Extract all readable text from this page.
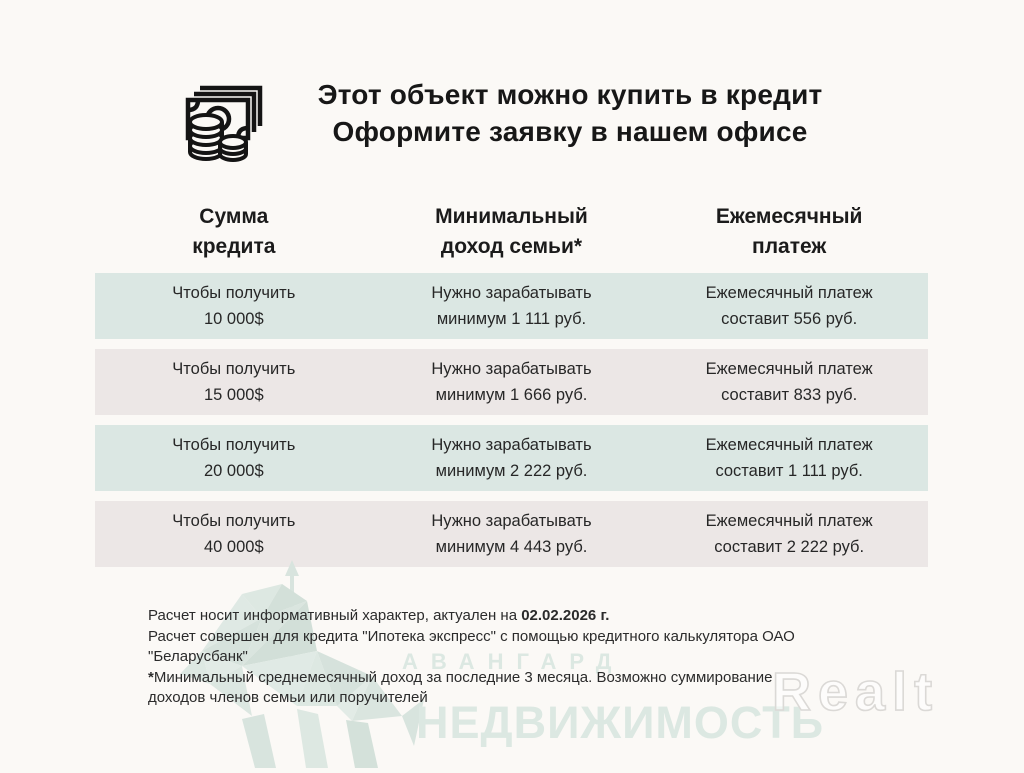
Этот объект можно купить в кредит
Оформите заявку в нашем офисе
Сумма
кредита
Минимальный
доход семьи*
Ежемесячный
платеж
Чтобы получить
10 000$
Нужно зарабатывать
минимум 1 111 руб.
Ежемесячный платеж
составит 556 руб.
Чтобы получить
15 000$
Нужно зарабатывать
минимум 1 666 руб.
Ежемесячный платеж
составит 833 руб.
Чтобы получить
20 000$
Нужно зарабатывать
минимум 2 222 руб.
Ежемесячный платеж
составит 1 111 руб.
Чтобы получить
40 000$
Нужно зарабатывать
минимум 4 443 руб.
Ежемесячный платеж
составит 2 222 руб.
АВАНГАРД
НЕДВИЖИМОСТЬ
Расчет носит информативный характер, актуален на 02.02.2026 г.
Расчет совершен для кредита "Ипотека экспресс" с помощью кредитного калькулятора ОАО
"Беларусбанк"
*Минимальный среднемесячный доход за последние 3 месяца. Возможно суммирование
доходов членов семьи или поручителей	Realt
